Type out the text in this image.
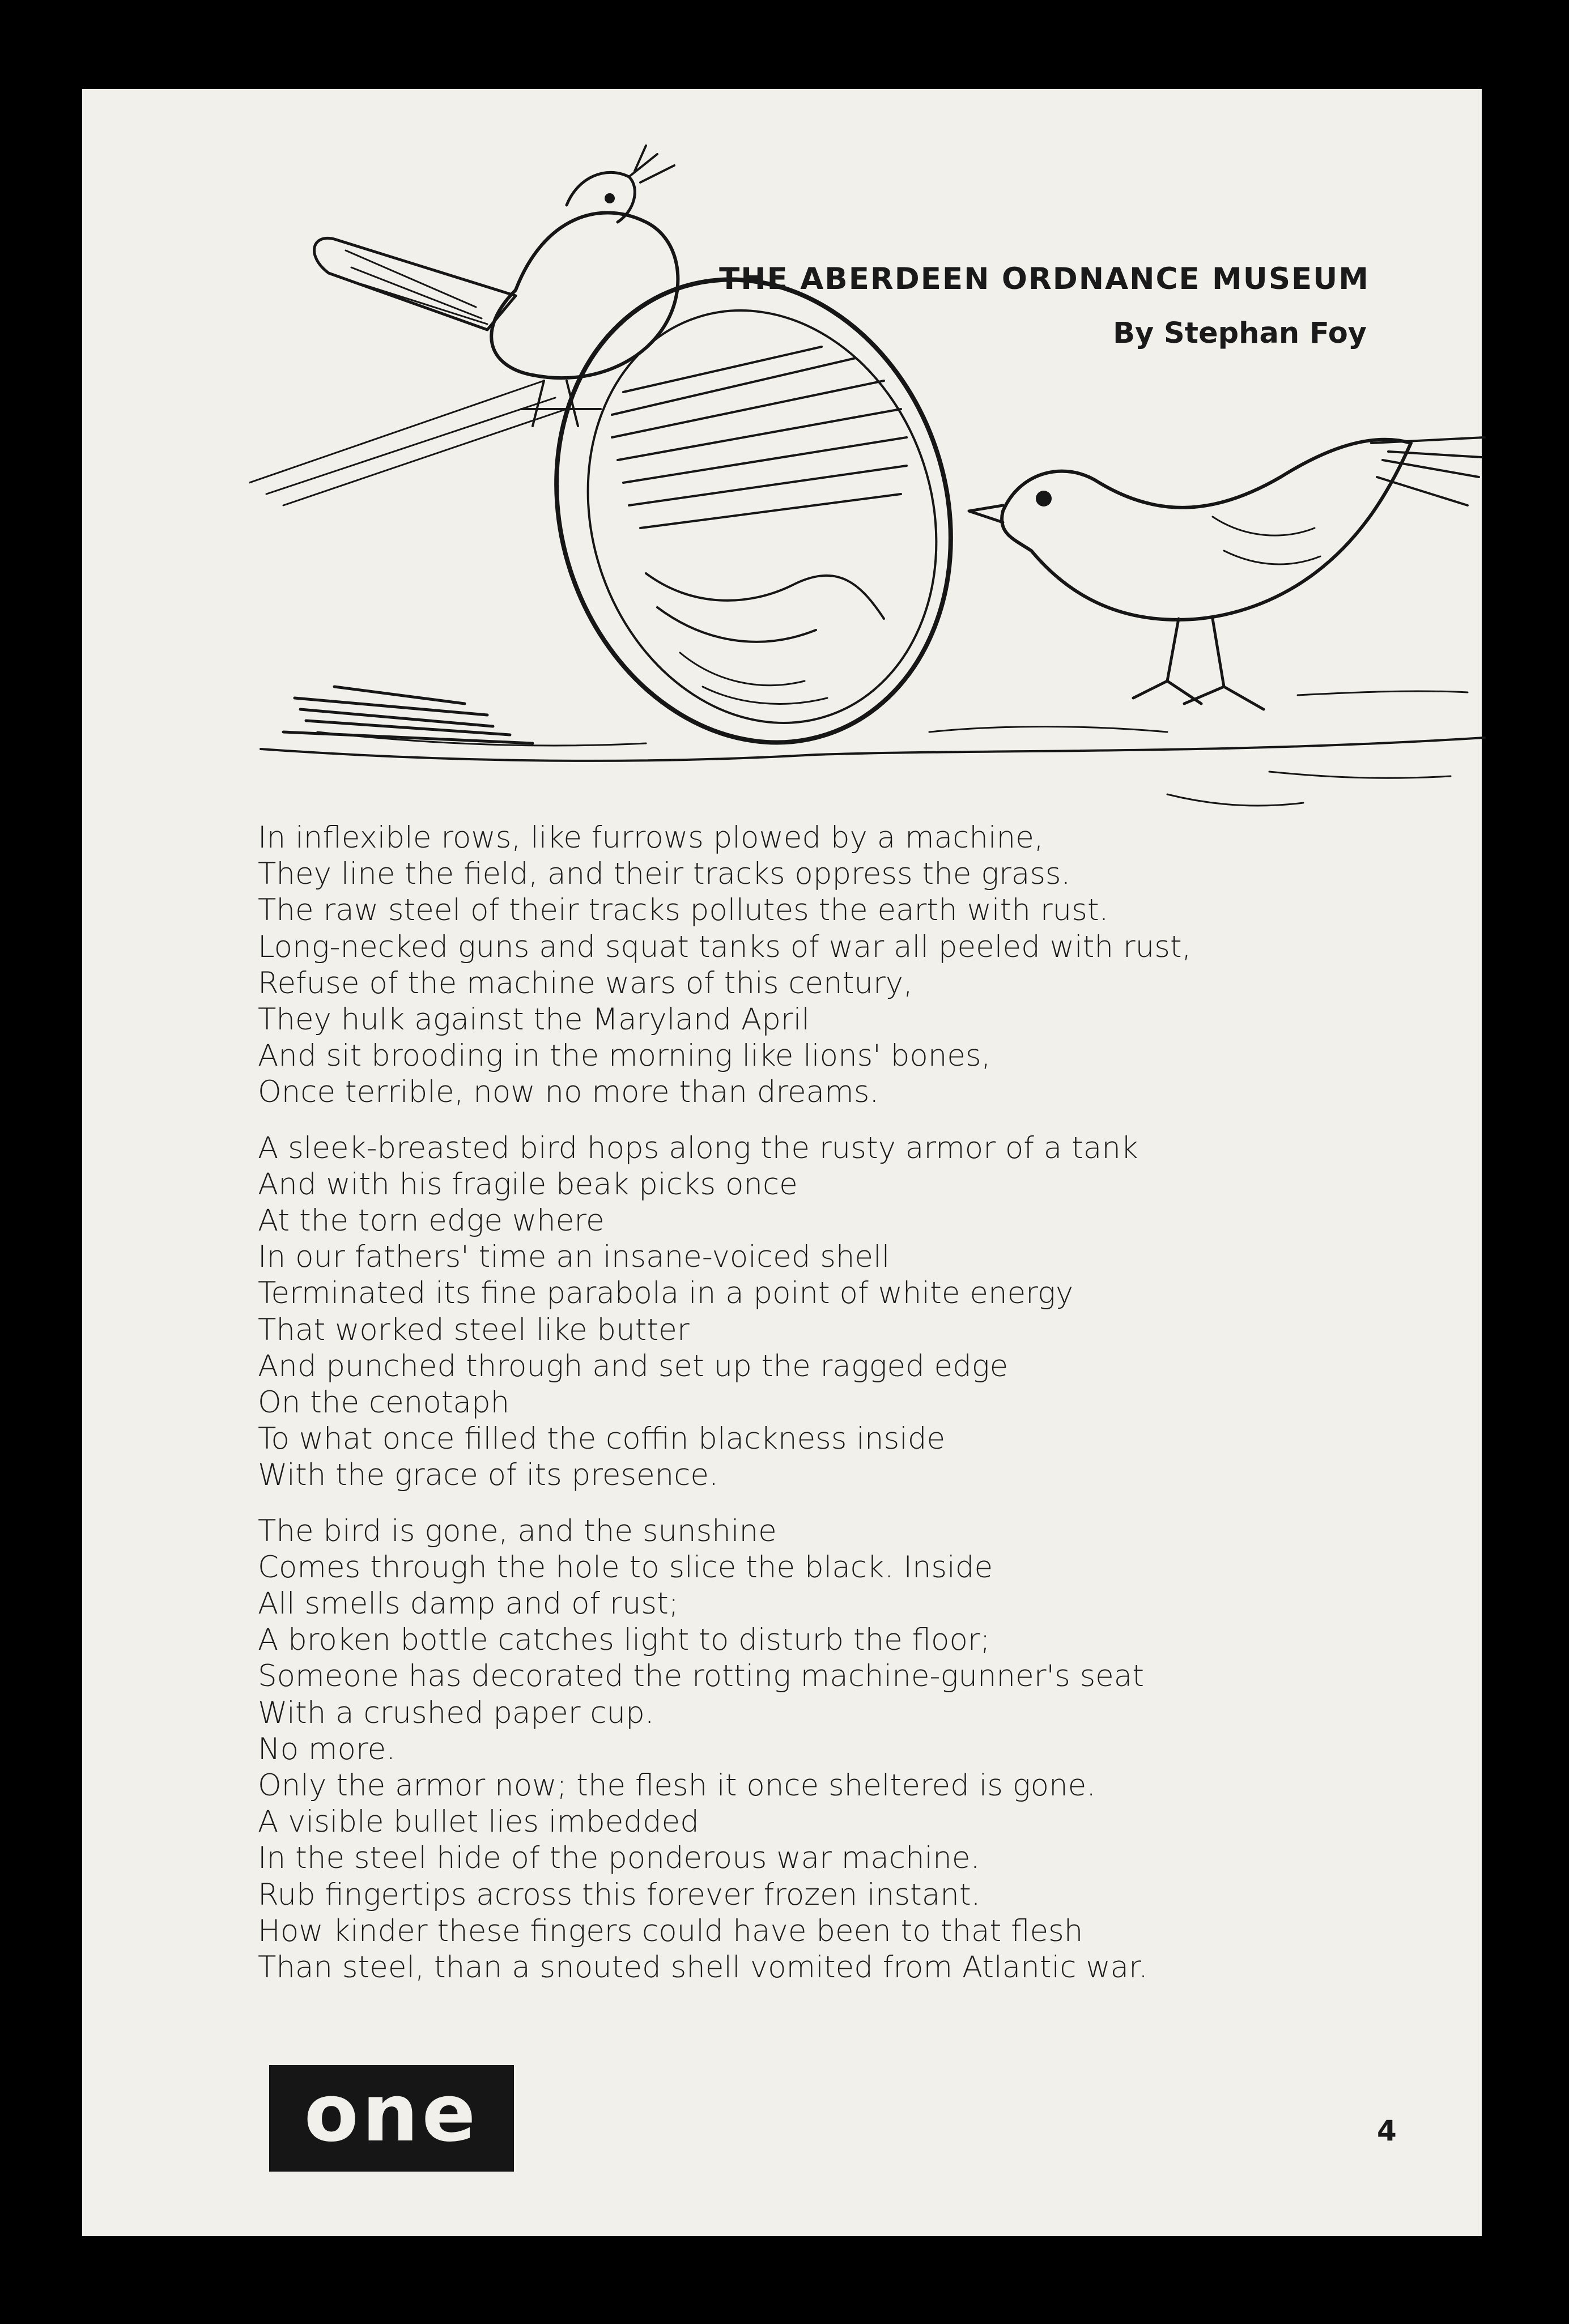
THE ABERDEEN ORDNANCE MUSEUM
By Stephan Foy
In inflexible rows, like furrows plowed by a machine,
They line the field, and their tracks oppress the grass.
The raw steel of their tracks pollutes the earth with rust.
Long-necked guns and squat tanks of war all peeled with rust,
Refuse of the machine wars of this century,
They hulk against the Maryland April
And sit brooding in the morning like lions' bones,
Once terrible, now no more than dreams.
A sleek-breasted bird hops along the rusty armor of a tank
And with his fragile beak picks once
At the torn edge where
In our fathers' time an insane-voiced shell
Terminated its fine parabola in a point of white energy
That worked steel like butter
And punched through and set up the ragged edge
On the cenotaph
To what once filled the coffin blackness inside
With the grace of its presence.
The bird is gone, and the sunshine
Comes through the hole to slice the black. Inside
All smells damp and of rust;
A broken bottle catches light to disturb the floor;
Someone has decorated the rotting machine-gunner's seat
With a crushed paper cup.
No more.
Only the armor now; the flesh it once sheltered is gone.
A visible bullet lies imbedded
In the steel hide of the ponderous war machine.
Rub fingertips across this forever frozen instant.
How kinder these fingers could have been to that flesh
Than steel, than a snouted shell vomited from Atlantic war.
one	4
